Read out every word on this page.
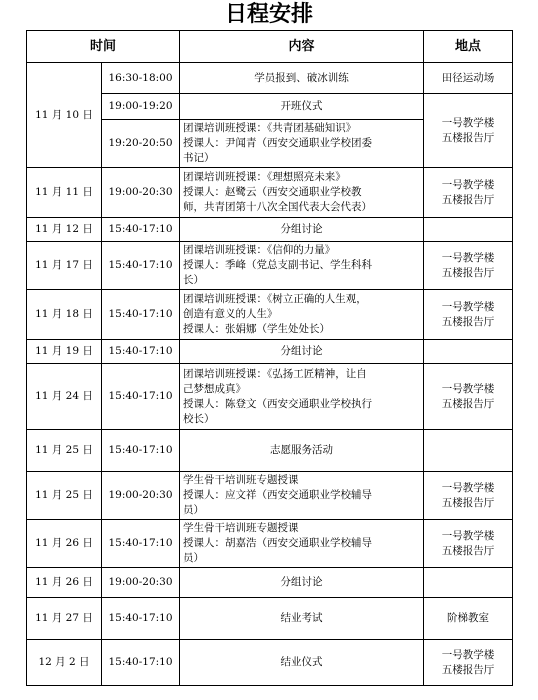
日程安排
时间		内容	地点
11 月 10 日	16:30-18:00	学员报到、破冰训练	田径运动场

	19:00-19:20	开班仪式	一号教学楼
五楼报告厅

	19:20-20:50	团课培训班授课：《共青团基础知识》
授课人：尹闻青（西安交通职业学校团委
书记）	

11 月 11 日	19:00-20:30	团课培训班授课：《理想照亮未来》
授课人：赵鹭云（西安交通职业学校教
师，共青团第十八次全国代表大会代表）	一号教学楼
五楼报告厅

11 月 12 日	15:40-17:10	分组讨论	

11 月 17 日	15:40-17:10	团课培训班授课：《信仰的力量》
授课人：季峰（党总支副书记、学生科科
长）	一号教学楼
五楼报告厅

11 月 18 日	15:40-17:10	团课培训班授课：《树立正确的人生观，
创造有意义的人生》
授课人：张娟娜（学生处处长）	一号教学楼
五楼报告厅

11 月 19 日	15:40-17:10	分组讨论	

11 月 24 日	15:40-17:10	团课培训班授课：《弘扬工匠精神，让自
己梦想成真》
授课人：陈登文（西安交通职业学校执行
校长）	一号教学楼
五楼报告厅

11 月 25 日	15:40-17:10	志愿服务活动	

11 月 25 日	19:00-20:30	学生骨干培训班专题授课
授课人：应文祥（西安交通职业学校辅导
员）	一号教学楼
五楼报告厅

11 月 26 日	15:40-17:10	学生骨干培训班专题授课
授课人：胡嘉浩（西安交通职业学校辅导
员）	一号教学楼
五楼报告厅

11 月 26 日	19:00-20:30	分组讨论	

11 月 27 日	15:40-17:10	结业考试	阶梯教室

12 月 2 日	15:40-17:10	结业仪式	一号教学楼
五楼报告厅
